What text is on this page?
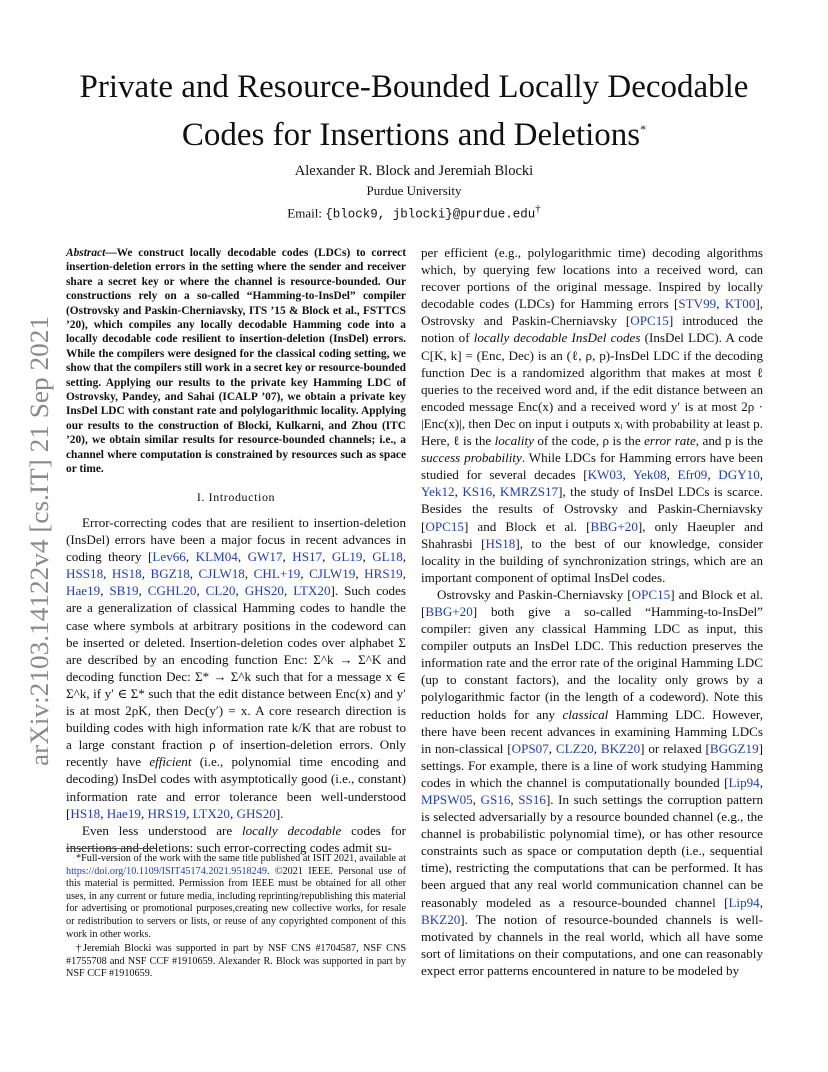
arXiv:2103.14122v4 [cs.IT] 21 Sep 2021
Private and Resource-Bounded Locally Decodable
Codes for Insertions and Deletions*
Alexander R. Block and Jeremiah Blocki
Purdue University
Email: {block9, jblocki}@purdue.edu†
Abstract—We construct locally decodable codes (LDCs) to correct insertion-deletion errors in the setting where the sender and receiver share a secret key or where the channel is resource-bounded. Our constructions rely on a so-called “Hamming-to-InsDel” compiler (Ostrovsky and Paskin-Cherniavsky, ITS ’15 & Block et al., FSTTCS ’20), which compiles any locally decodable Hamming code into a locally decodable code resilient to insertion-deletion (InsDel) errors. While the compilers were designed for the classical coding setting, we show that the compilers still work in a secret key or resource-bounded setting. Applying our results to the private key Hamming LDC of Ostrovsky, Pandey, and Sahai (ICALP ’07), we obtain a private key InsDel LDC with constant rate and polylogarithmic locality. Applying our results to the construction of Blocki, Kulkarni, and Zhou (ITC ’20), we obtain similar results for resource-bounded channels; i.e., a channel where computation is constrained by resources such as space or time.
I. Introduction

Error-correcting codes that are resilient to insertion-deletion (InsDel) errors have been a major focus in recent advances in coding theory [Lev66, KLM04, GW17, HS17, GL19, GL18, HSS18, HS18, BGZ18, CJLW18, CHL+19, CJLW19, HRS19, Hae19, SB19, CGHL20, CL20, GHS20, LTX20]. Such codes are a generalization of classical Hamming codes to handle the case where symbols at arbitrary positions in the codeword can be inserted or deleted. Insertion-deletion codes over alphabet Σ are described by an encoding function Enc: Σ^k → Σ^K and decoding function Dec: Σ* → Σ^k such that for a message x ∈ Σ^k, if y′ ∈ Σ* such that the edit distance between Enc(x) and y′ is at most 2ρK, then Dec(y′) = x. A core research direction is building codes with high information rate k/K that are robust to a large constant fraction ρ of insertion-deletion errors. Only recently have efficient (i.e., polynomial time encoding and decoding) InsDel codes with asymptotically good (i.e., constant) information rate and error tolerance been well-understood [HS18, Hae19, HRS19, LTX20, GHS20].

Even less understood are locally decodable codes for insertions and deletions: such error-correcting codes admit su-

*Full-version of the work with the same title published at ISIT 2021, available at https://doi.org/10.1109/ISIT45174.2021.9518249. ©2021 IEEE. Personal use of this material is permitted. Permission from IEEE must be obtained for all other uses, in any current or future media, including reprinting/republishing this material for advertising or promotional purposes,creating new collective works, for resale or redistribution to servers or lists, or reuse of any copyrighted component of this work in other works.

†Jeremiah Blocki was supported in part by NSF CNS #1704587, NSF CNS #1755708 and NSF CCF #1910659. Alexander R. Block was supported in part by NSF CCF #1910659.

per efficient (e.g., polylogarithmic time) decoding algorithms which, by querying few locations into a received word, can recover portions of the original message. Inspired by locally decodable codes (LDCs) for Hamming errors [STV99, KT00], Ostrovsky and Paskin-Cherniavsky [OPC15] introduced the notion of locally decodable InsDel codes (InsDel LDC). A code C[K, k] = (Enc, Dec) is an (ℓ, ρ, p)-InsDel LDC if the decoding function Dec is a randomized algorithm that makes at most ℓ queries to the received word and, if the edit distance between an encoded message Enc(x) and a received word y′ is at most 2ρ · |Enc(x)|, then Dec on input i outputs xᵢ with probability at least p. Here, ℓ is the locality of the code, ρ is the error rate, and p is the success probability. While LDCs for Hamming errors have been studied for several decades [KW03, Yek08, Efr09, DGY10, Yek12, KS16, KMRZS17], the study of InsDel LDCs is scarce. Besides the results of Ostrovsky and Paskin-Cherniavsky [OPC15] and Block et al. [BBG+20], only Haeupler and Shahrasbi [HS18], to the best of our knowledge, consider locality in the building of synchronization strings, which are an important component of optimal InsDel codes.

Ostrovsky and Paskin-Cherniavsky [OPC15] and Block et al. [BBG+20] both give a so-called “Hamming-to-InsDel” compiler: given any classical Hamming LDC as input, this compiler outputs an InsDel LDC. This reduction preserves the information rate and the error rate of the original Hamming LDC (up to constant factors), and the locality only grows by a polylogarithmic factor (in the length of a codeword). Note this reduction holds for any classical Hamming LDC. However, there have been recent advances in examining Hamming LDCs in non-classical [OPS07, CLZ20, BKZ20] or relaxed [BGGZ19] settings. For example, there is a line of work studying Hamming codes in which the channel is computationally bounded [Lip94, MPSW05, GS16, SS16]. In such settings the corruption pattern is selected adversarially by a resource bounded channel (e.g., the channel is probabilistic polynomial time), or has other resource constraints such as space or computation depth (i.e., sequential time), restricting the computations that can be performed. It has been argued that any real world communication channel can be reasonably modeled as a resource-bounded channel [Lip94, BKZ20]. The notion of resource-bounded channels is well-motivated by channels in the real world, which all have some sort of limitations on their computations, and one can reasonably expect error patterns encountered in nature to be modeled by
